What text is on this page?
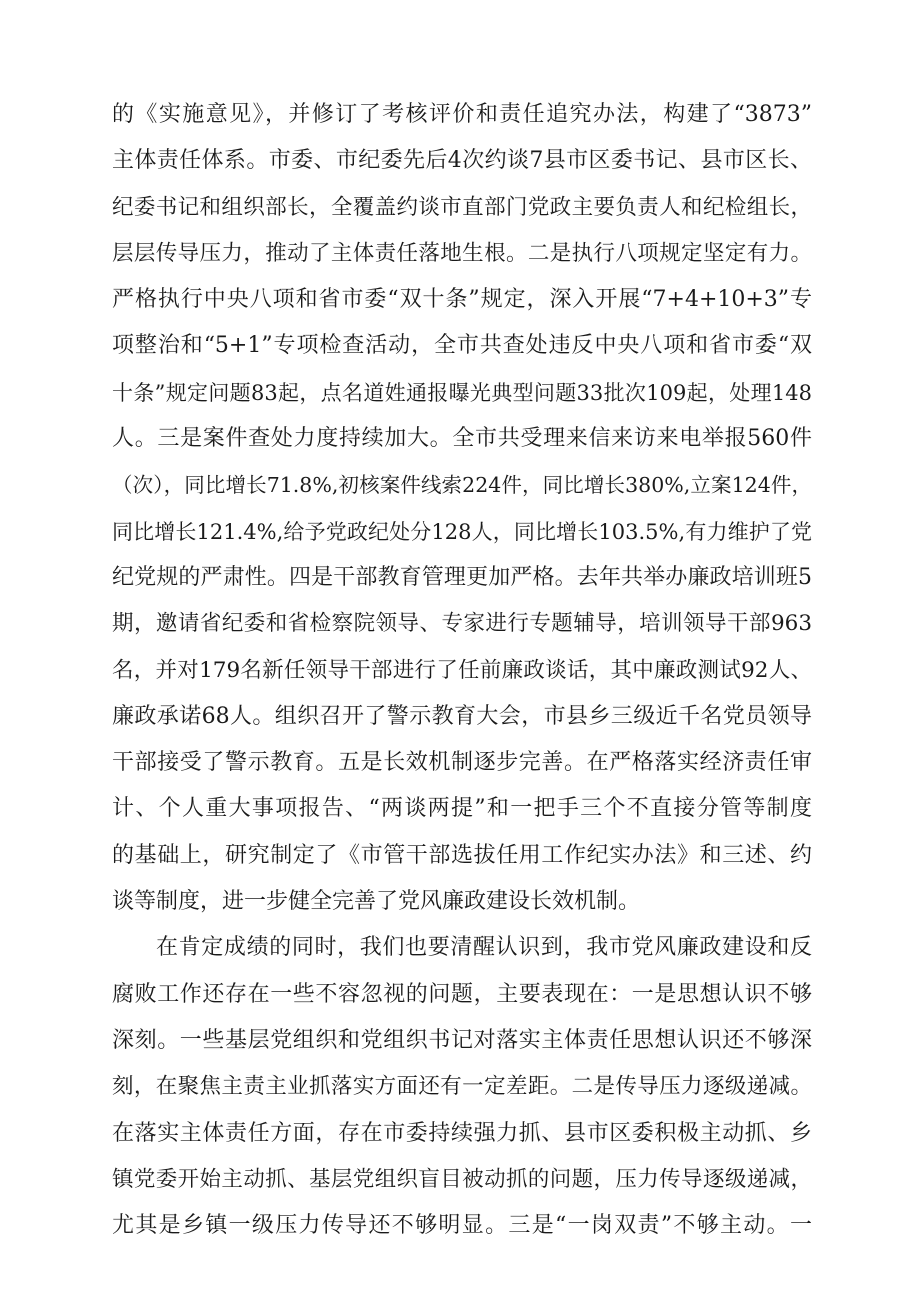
的《实施意见》，并修订了考核评价和责任追究办法，构建了“3873”
主体责任体系。市委、市纪委先后4次约谈7县市区委书记、县市区长、
纪委书记和组织部长，全覆盖约谈市直部门党政主要负责人和纪检组长，
层层传导压力，推动了主体责任落地生根。二是执行八项规定坚定有力。
严格执行中央八项和省市委“双十条”规定，深入开展“7+4+10+3”专
项整治和“5+1”专项检查活动，全市共查处违反中央八项和省市委“双
十条”规定问题83起，点名道姓通报曝光典型问题33批次109起，处理148
人。三是案件查处力度持续加大。全市共受理来信来访来电举报560件
（次），同比增长71.8%,初核案件线索224件，同比增长380%,立案124件，
同比增长121.4%,给予党政纪处分128人，同比增长103.5%,有力维护了党
纪党规的严肃性。四是干部教育管理更加严格。去年共举办廉政培训班5
期，邀请省纪委和省检察院领导、专家进行专题辅导，培训领导干部963
名，并对179名新任领导干部进行了任前廉政谈话，其中廉政测试92人、
廉政承诺68人。组织召开了警示教育大会，市县乡三级近千名党员领导
干部接受了警示教育。五是长效机制逐步完善。在严格落实经济责任审
计、个人重大事项报告、“两谈两提”和一把手三个不直接分管等制度
的基础上，研究制定了《市管干部选拔任用工作纪实办法》和三述、约
谈等制度，进一步健全完善了党风廉政建设长效机制。
在肯定成绩的同时，我们也要清醒认识到，我市党风廉政建设和反
腐败工作还存在一些不容忽视的问题，主要表现在：一是思想认识不够
深刻。一些基层党组织和党组织书记对落实主体责任思想认识还不够深
刻，在聚焦主责主业抓落实方面还有一定差距。二是传导压力逐级递减。
在落实主体责任方面，存在市委持续强力抓、县市区委积极主动抓、乡
镇党委开始主动抓、基层党组织盲目被动抓的问题，压力传导逐级递减，
尤其是乡镇一级压力传导还不够明显。三是“一岗双责”不够主动。一
